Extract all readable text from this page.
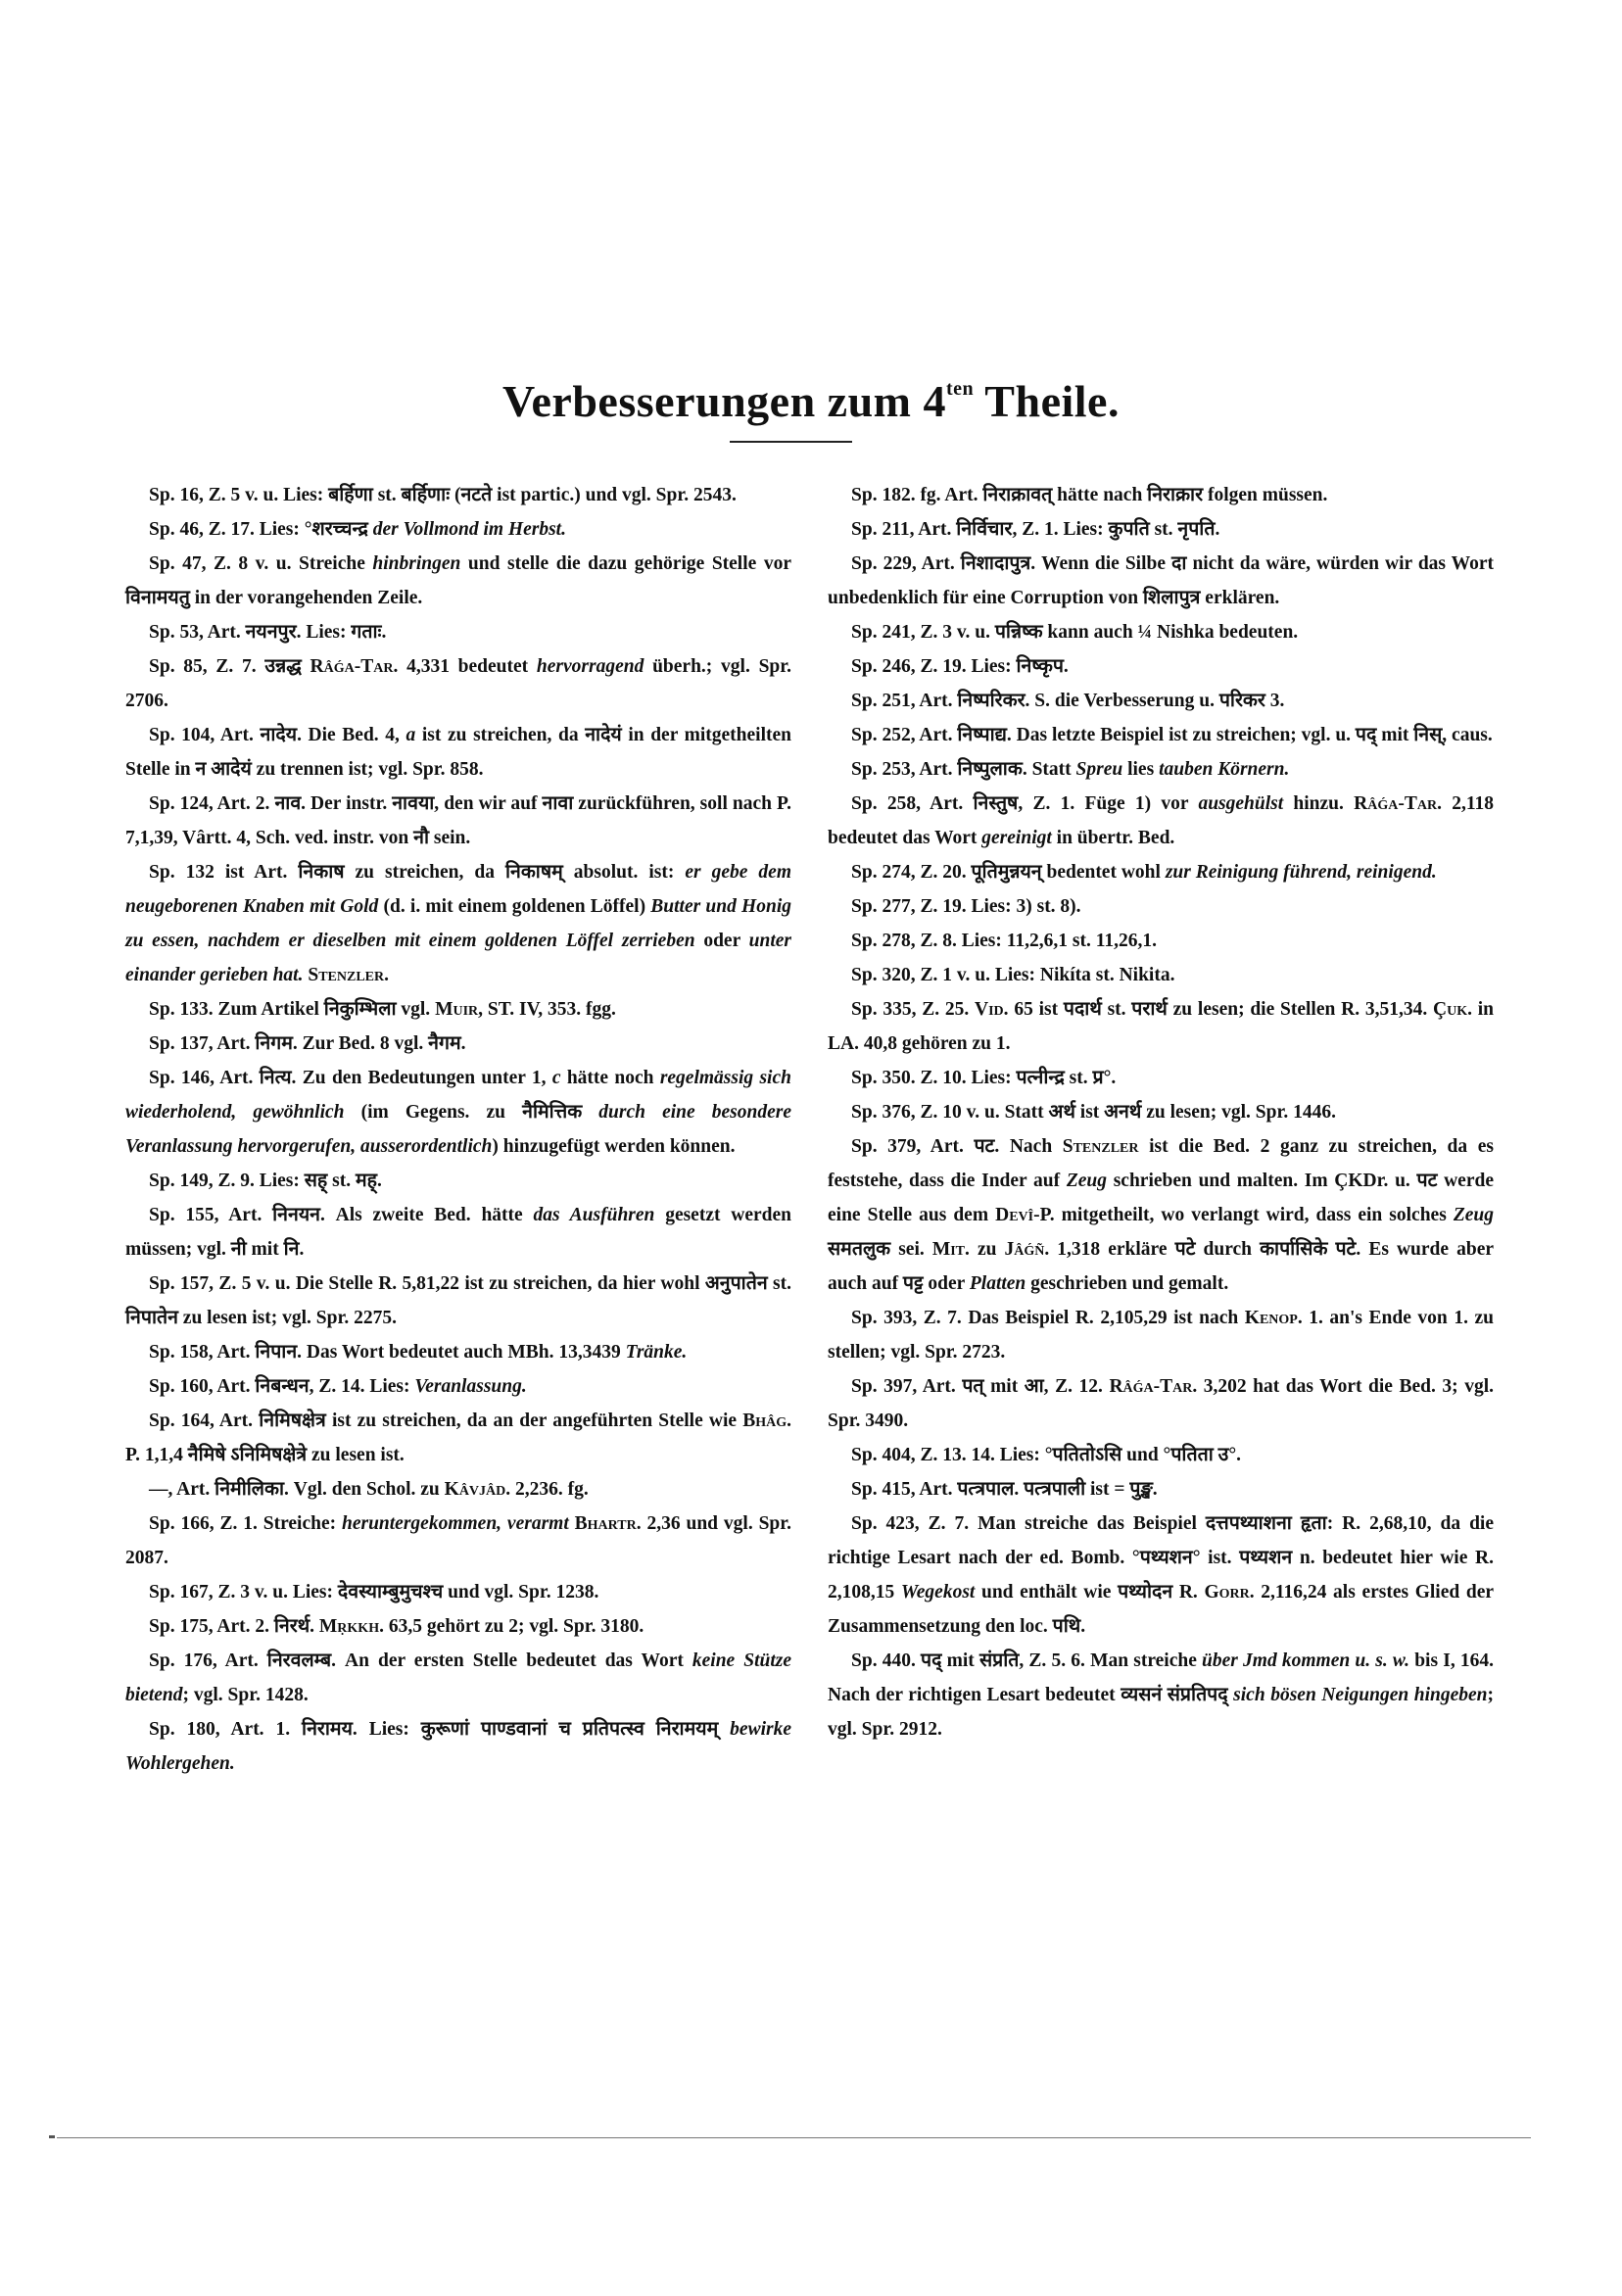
Verbesserungen zum $4^{ten}$ Theile.

Sp. 16, Z. 5 v. u. Lies: बर्हिणा st. बर्हिणाः (नटते ist partic.) und vgl. Spr. 2543.

Sp. 46, Z. 17. Lies: °शरच्चन्द्र der Vollmond im Herbst.

Sp. 47, Z. 8 v. u. Streiche hinbringen und stelle die dazu gehörige Stelle vor विनामयतु in der vorangehenden Zeile.

Sp. 53, Art. नयनपुर. Lies: गताः.

Sp. 85, Z. 7. उन्नद्ध Râǵa-Tar. 4,331 bedeutet hervorragend überh.; vgl. Spr. 2706.

Sp. 104, Art. नादेय. Die Bed. 4, a ist zu streichen, da नादेयं in der mitgetheilten Stelle in न आदेयं zu trennen ist; vgl. Spr. 858.

Sp. 124, Art. 2. नाव. Der instr. नावया, den wir auf नावा zurückführen, soll nach P. 7,1,39, Vârtt. 4, Sch. ved. instr. von नौ sein.

Sp. 132 ist Art. निकाष zu streichen, da निकाषम् absolut. ist: er gebe dem neugeborenen Knaben mit Gold (d. i. mit einem goldenen Löffel) Butter und Honig zu essen, nachdem er dieselben mit einem goldenen Löffel zerrieben oder unter einander gerieben hat. Stenzler.

Sp. 133. Zum Artikel निकुम्भिला vgl. Muir, ST. IV, 353. fgg.

Sp. 137, Art. निगम. Zur Bed. 8 vgl. नैगम.

Sp. 146, Art. नित्य. Zu den Bedeutungen unter 1, c hätte noch regelmässig sich wiederholend, gewöhnlich (im Gegens. zu नैमित्तिक durch eine besondere Veranlassung hervorgerufen, ausserordentlich) hinzugefügt werden können.

Sp. 149, Z. 9. Lies: सह् st. मह्.

Sp. 155, Art. निनयन. Als zweite Bed. hätte das Ausführen gesetzt werden müssen; vgl. नी mit नि.

Sp. 157, Z. 5 v. u. Die Stelle R. 5,81,22 ist zu streichen, da hier wohl अनुपातेन st. निपातेन zu lesen ist; vgl. Spr. 2275.

Sp. 158, Art. निपान. Das Wort bedeutet auch MBh. 13,3439 Tränke.

Sp. 160, Art. निबन्धन, Z. 14. Lies: Veranlassung.

Sp. 164, Art. निमिषक्षेत्र ist zu streichen, da an der angeführten Stelle wie Bhâg. P. 1,1,4 नैमिषे ऽनिमिषक्षेत्रे zu lesen ist.

—, Art. निमीलिका. Vgl. den Schol. zu Kâvjâd. 2,236. fg.

Sp. 166, Z. 1. Streiche: heruntergekommen, verarmt Bhartr. 2,36 und vgl. Spr. 2087.

Sp. 167, Z. 3 v. u. Lies: देवस्याम्बुमुचश्च und vgl. Spr. 1238.

Sp. 175, Art. 2. निरर्थ. Mṛkkh. 63,5 gehört zu 2; vgl. Spr. 3180.

Sp. 176, Art. निरवलम्ब. An der ersten Stelle bedeutet das Wort keine Stütze bietend; vgl. Spr. 1428.

Sp. 180, Art. 1. निरामय. Lies: कुरूणां पाण्डवानां च प्रतिपत्स्व निरामयम् bewirke Wohlergehen.

Sp. 182. fg. Art. निराक्रावत् hätte nach निराक्रार folgen müssen.

Sp. 211, Art. निर्विचार, Z. 1. Lies: कुपति st. नृपति.

Sp. 229, Art. निशादापुत्र. Wenn die Silbe दा nicht da wäre, würden wir das Wort unbedenklich für eine Corruption von शिलापुत्र erklären.

Sp. 241, Z. 3 v. u. पन्निष्क kann auch ¼ Nishka bedeuten.

Sp. 246, Z. 19. Lies: निष्कृप.

Sp. 251, Art. निष्परिकर. S. die Verbesserung u. परिकर 3.

Sp. 252, Art. निष्पाद्य. Das letzte Beispiel ist zu streichen; vgl. u. पद् mit निस्, caus.

Sp. 253, Art. निष्पुलाक. Statt Spreu lies tauben Körnern.

Sp. 258, Art. निस्तुष, Z. 1. Füge 1) vor ausgehülst hinzu. Râǵa-Tar. 2,118 bedeutet das Wort gereinigt in übertr. Bed.

Sp. 274, Z. 20. पूतिमुन्नयन् bedentet wohl zur Reinigung führend, reinigend.

Sp. 277, Z. 19. Lies: 3) st. 8).

Sp. 278, Z. 8. Lies: 11,2,6,1 st. 11,26,1.

Sp. 320, Z. 1 v. u. Lies: Nikíta st. Nikita.

Sp. 335, Z. 25. Vid. 65 ist पदार्थ st. परार्थ zu lesen; die Stellen R. 3,51,34. Çuk. in LA. 40,8 gehören zu 1.

Sp. 350. Z. 10. Lies: पत्नीन्द्र st. प्र°.

Sp. 376, Z. 10 v. u. Statt अर्थ ist अनर्थ zu lesen; vgl. Spr. 1446.

Sp. 379, Art. पट. Nach Stenzler ist die Bed. 2 ganz zu streichen, da es feststehe, dass die Inder auf Zeug schrieben und malten. Im ÇKDr. u. पट werde eine Stelle aus dem Devî-P. mitgetheilt, wo verlangt wird, dass ein solches Zeug समतलुक sei. Mit. zu Jâǵñ. 1,318 erkläre पटे durch कार्पासिके पटे. Es wurde aber auch auf पट्ट oder Platten geschrieben und gemalt.

Sp. 393, Z. 7. Das Beispiel R. 2,105,29 ist nach Kenop. 1. an's Ende von 1. zu stellen; vgl. Spr. 2723.

Sp. 397, Art. पत् mit आ, Z. 12. Râǵa-Tar. 3,202 hat das Wort die Bed. 3; vgl. Spr. 3490.

Sp. 404, Z. 13. 14. Lies: °पतितोऽसि und °पतिता उ°.

Sp. 415, Art. पत्त्रपाल. पत्त्रपाली ist = पुङ्ख.

Sp. 423, Z. 7. Man streiche das Beispiel दत्तपथ्याशना हृता: R. 2,68,10, da die richtige Lesart nach der ed. Bomb. °पथ्यशन° ist. पथ्यशन n. bedeutet hier wie R. 2,108,15 Wegekost und enthält wie पथ्योदन R. Gorr. 2,116,24 als erstes Glied der Zusammensetzung den loc. पथि.

Sp. 440. पद् mit संप्रति, Z. 5. 6. Man streiche über Jmd kommen u. s. w. bis I, 164. Nach der richtigen Lesart bedeutet व्यसनं संप्रतिपद् sich bösen Neigungen hingeben; vgl. Spr. 2912.
